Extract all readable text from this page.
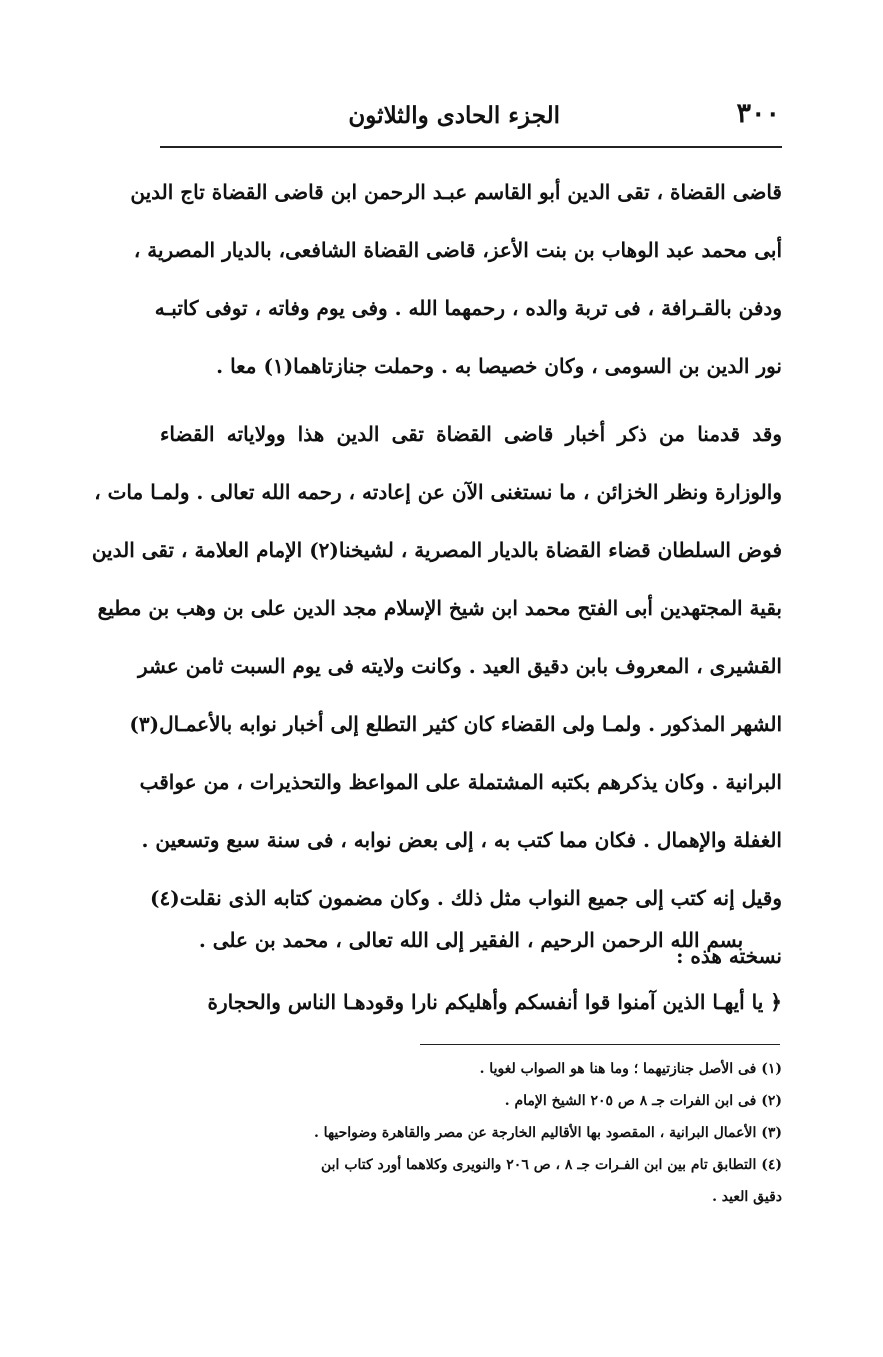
٣٠٠
الجزء الحادى والثلاثون
قاضى القضاة ، تقى الدين أبو القاسم عبـد الرحمن ابن قاضى القضاة تاج الدين
أبى محمد عبد الوهاب بن بنت الأعز، قاضى القضاة الشافعى، بالديار المصرية ،
ودفن بالقـرافة ، فى تربة والده ، رحمهما الله . وفى يوم وفاته ، توفى كاتبـه
نور الدين بن السومى ، وكان خصيصا به . وحملت جنازتاهما(١) معا .
وقد قدمنا من ذكر أخبار قاضى القضاة تقى الدين هذا وولاياته القضاء
والوزارة ونظر الخزائن ، ما نستغنى الآن عن إعادته ، رحمه الله تعالى . ولمـا مات ،
فوض السلطان قضاء القضاة بالديار المصرية ، لشيخنا(٢) الإمام العلامة ، تقى الدين
بقية المجتهدين أبى الفتح محمد ابن شيخ الإسلام مجد الدين على بن وهب بن مطيع
القشيرى ، المعروف بابن دقيق العيد . وكانت ولايته فى يوم السبت ثامن عشر
الشهر المذكور . ولمـا ولى القضاء كان كثير التطلع إلى أخبار نوابه بالأعمـال(٣)
البرانية . وكان يذكرهم بكتبه المشتملة على المواعظ والتحذيرات ، من عواقب
الغفلة والإهمال . فكان مما كتب به ، إلى بعض نوابه ، فى سنة سبع وتسعين .
وقيل إنه كتب إلى جميع النواب مثل ذلك . وكان مضمون كتابه الذى نقلت(٤)
نسخته هذه :
بسم الله الرحمن الرحيم ، الفقير إلى الله تعالى ، محمد بن على .
﴿ يا أيهـا الذين آمنوا قوا أنفسكم وأهليكم نارا وقودهـا الناس والحجارة
(١) فى الأصل جنازتيهما ؛ وما هنا هو الصواب لغويا .
(٢) فى ابن الفرات جـ ٨ ص ٢٠٥ الشيخ الإمام .
(٣) الأعمال البرانية ، المقصود بها الأقاليم الخارجة عن مصر والقاهرة وضواحيها .
(٤) التطابق تام بين ابن الفـرات جـ ٨ ، ص ٢٠٦ والنويرى وكلاهما أورد كتاب ابن
دقيق العيد .
